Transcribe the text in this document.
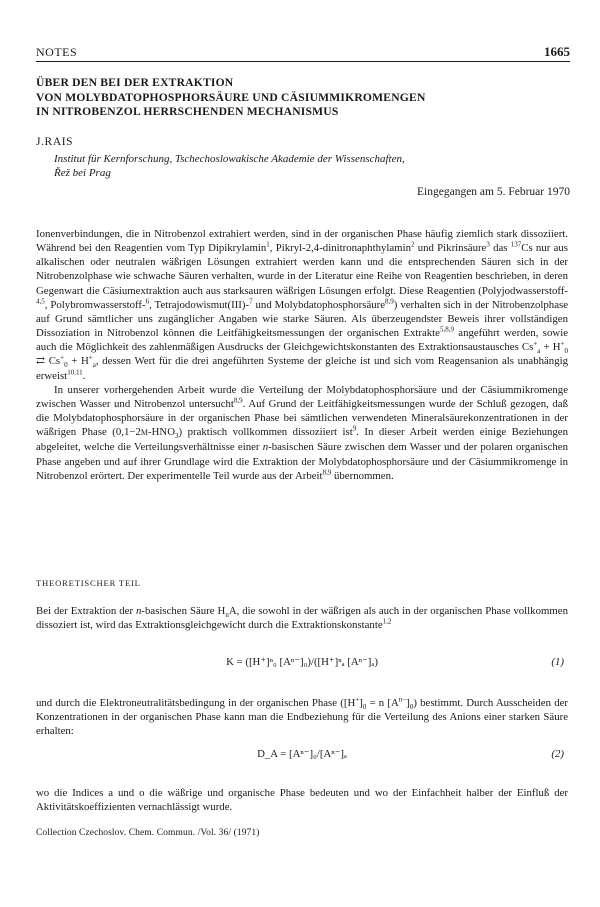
NOTES	1665
ÜBER DEN BEI DER EXTRAKTION
VON MOLYBDATOPHOSPHORSÄURE UND CÄSIUMMIKROMENGEN
IN NITROBENZOL HERRSCHENDEN MECHANISMUS
J.RAIS
Institut für Kernforschung, Tschechoslowakische Akademie der Wissenschaften,
Řež bei Prag
Eingegangen am 5. Februar 1970

Ionenverbindungen, die in Nitrobenzol extrahiert werden, sind in der organischen Phase häufig ziemlich stark dissoziiert. Während bei den Reagentien vom Typ Dipikrylamin$^1$, Pikryl-2,4-dinitronaphthylamin$^2$ und Pikrinsäure$^3$ das $^{137}$Cs nur aus alkalischen oder neutralen wäßrigen Lösungen extrahiert werden kann und die entsprechenden Säuren sich in der Nitrobenzolphase wie schwache Säuren verhalten, wurde in der Literatur eine Reihe von Reagentien beschrieben, in deren Gegenwart die Cäsiumextraktion auch aus starksauren wäßrigen Lösungen erfolgt. Diese Reagentien (Polyjodwasserstoff-$^{4,5}$, Polybromwasserstoff-$^6$, Tetrajodowismut(III)-$^7$ und Molybdatophosphorsäure$^{8,9}$) verhalten sich in der Nitrobenzolphase auf Grund sämtlicher uns zugänglicher Angaben wie starke Säuren. Als überzeugendster Beweis ihrer vollständigen Dissoziation in Nitrobenzol können die Leitfähigkeitsmessungen der organischen Extrakte$^{5,8,9}$ angeführt werden, sowie auch die Möglichkeit des zahlenmäßigen Ausdrucks der Gleichgewichtskonstanten des Extraktionsaustausches $Cs^+_a + H^+_0$ ⇄ $Cs^+_0 + H^+_a$, dessen Wert für die drei angeführten Systeme der gleiche ist und sich vom Reagensanion als unabhängig erweist$^{10,11}$.

In unserer vorhergehenden Arbeit wurde die Verteilung der Molybdatophosphorsäure und der Cäsiummikromenge zwischen Wasser und Nitrobenzol untersucht$^{8,9}$. Auf Grund der Leitfähigkeitsmessungen wurde der Schluß gezogen, daß die Molybdatophosphorsäure in der organischen Phase bei sämtlichen verwendeten Mineralsäurekonzentrationen in der wäßrigen Phase $(0,1-2M-HNO_3)$ praktisch vollkommen dissoziiert ist$^9$. In dieser Arbeit werden einige Beziehungen abgeleitet, welche die Verteilungsverhältnisse einer n-basischen Säure zwischen dem Wasser und der polaren organischen Phase angeben und auf ihrer Grundlage wird die Extraktion der Molybdatophosphorsäure und der Cäsiummikromenge in Nitrobenzol erörtert. Der experimentelle Teil wurde aus der Arbeit$^{8,9}$ übernommen.

THEORETISCHER TEIL

Bei der Extraktion der n-basischen Säure $H_nA$, die sowohl in der wäßrigen als auch in der organischen Phase vollkommen dissoziert ist, wird das Extraktionsgleichgewicht durch die Extraktionskonstante$^{1,2}$

K = ([H⁺]ⁿ₀ [Aⁿ⁻]₀)/([H⁺]ⁿₐ [Aⁿ⁻]ₐ)	(1)

und durch die Elektroneutralitätsbedingung in der organischen Phase ($[H^+]_0 = n$ $[A^{n-}]_0$) bestimmt. Durch Ausscheiden der Konzentrationen in der organischen Phase kann man die Endbeziehung für die Verteilung des Anions einer starken Säure erhalten:

D_A = [Aⁿ⁻]₀/[Aⁿ⁻]ₐ	(2)

wo die Indices a und o die wäßrige und organische Phase bedeuten und wo der Einfachheit halber der Einfluß der Aktivitätskoeffizienten vernachlässigt wurde.

Collection Czechoslov. Chem. Commun. /Vol. 36/ (1971)
